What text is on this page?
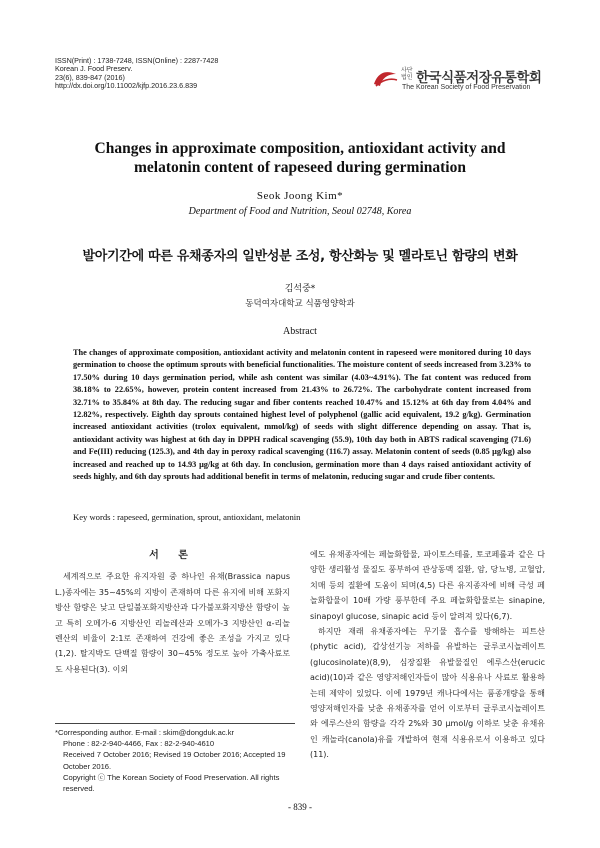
ISSN(Print) : 1738-7248, ISSN(Online) : 2287-7428
Korean J. Food Preserv.
23(6), 839-847 (2016)
http://dx.doi.org/10.11002/kjfp.2016.23.6.839
사단
법인 한국식품저장유통학회
The Korean Society of Food Preservation
Changes in approximate composition, antioxidant activity and
melatonin content of rapeseed during germination
Seok Joong Kim*
Department of Food and Nutrition, Seoul 02748, Korea
발아기간에 따른 유채종자의 일반성분 조성, 항산화능 및 멜라토닌 함량의 변화
김석중*
동덕여자대학교 식품영양학과
Abstract
The changes of approximate composition, antioxidant activity and melatonin content in rapeseed were monitored during 10 days germination to choose the optimum sprouts with beneficial functionalities. The moisture content of seeds increased from 3.23% to 17.50% during 10 days germination period, while ash content was similar (4.03~4.91%). The fat content was reduced from 38.18% to 22.65%, however, protein content increased from 21.43% to 26.72%. The carbohydrate content increased from 32.71% to 35.84% at 8th day. The reducing sugar and fiber contents reached 10.47% and 15.12% at 6th day from 4.04% and 12.82%, respectively. Eighth day sprouts contained highest level of polyphenol (gallic acid equivalent, 19.2 g/kg). Germination increased antioxidant activities (trolox equivalent, mmol/kg) of seeds with slight difference depending on assay. That is, antioxidant activity was highest at 6th day in DPPH radical scavenging (55.9), 10th day both in ABTS radical scavenging (71.6) and Fe(III) reducing (125.3), and 4th day in peroxy radical scavenging (116.7) assay. Melatonin content of seeds (0.85 μg/kg) also increased and reached up to 14.93 μg/kg at 6th day. In conclusion, germination more than 4 days raised antioxidant activity of seeds highly, and 6th day sprouts had additional benefit in terms of melatonin, reducing sugar and crude fiber contents.
Key words : rapeseed, germination, sprout, antioxidant, melatonin
서 론

세계적으로 주요한 유지자원 중 하나인 유채(Brassica napus L.)종자에는 35~45%의 지방이 존재하며 다른 유지에 비해 포화지방산 함량은 낮고 단일불포화지방산과 다가불포화지방산 함량이 높고 특히 오메가-6 지방산인 리놀레산과 오메가-3 지방산인 α-리놀렌산의 비율이 2:1로 존재하여 건강에 좋은 조성을 가지고 있다(1,2). 탈지박도 단백질 함량이 30~45% 정도로 높아 가축사료로도 사용된다(3). 이외

에도 유채종자에는 페놀화합물, 파이토스테롤, 토코페롤과 같은 다양한 생리활성 물질도 풍부하여 관상동맥 질환, 암, 당뇨병, 고혈압, 치매 등의 질환에 도움이 되며(4,5) 다른 유지종자에 비해 극성 페놀화합물이 10배 가량 풍부한데 주요 페놀화합물로는 sinapine, sinapoyl glucose, sinapic acid 등이 알려져 있다(6,7).

하지만 재래 유채종자에는 무기물 흡수를 방해하는 피트산(phytic acid), 갑상선기능 저하를 유발하는 글루코시놀레이트(glucosinolate)(8,9), 심장질환 유발물질인 에루스산(erucic acid)(10)과 같은 영양저해인자들이 많아 식용유나 사료로 활용하는데 제약이 있었다. 이에 1979년 캐나다에서는 품종개량을 통해 영양저해인자를 낮춘 유채종자를 얻어 이로부터 글루코시놀레이트와 에루스산의 함량을 각각 2%와 30 μmol/g 이하로 낮춘 유채유인 캐놀라(canola)유를 개발하여 현재 식용유로서 이용하고 있다(11).

*Corresponding author. E-mail : skim@dongduk.ac.kr
Phone : 82-2-940-4466, Fax : 82-2-940-4610
Received 7 October 2016; Revised 19 October 2016; Accepted 19 October 2016.
Copyright ⓒ The Korean Society of Food Preservation. All rights reserved.
- 839 -
